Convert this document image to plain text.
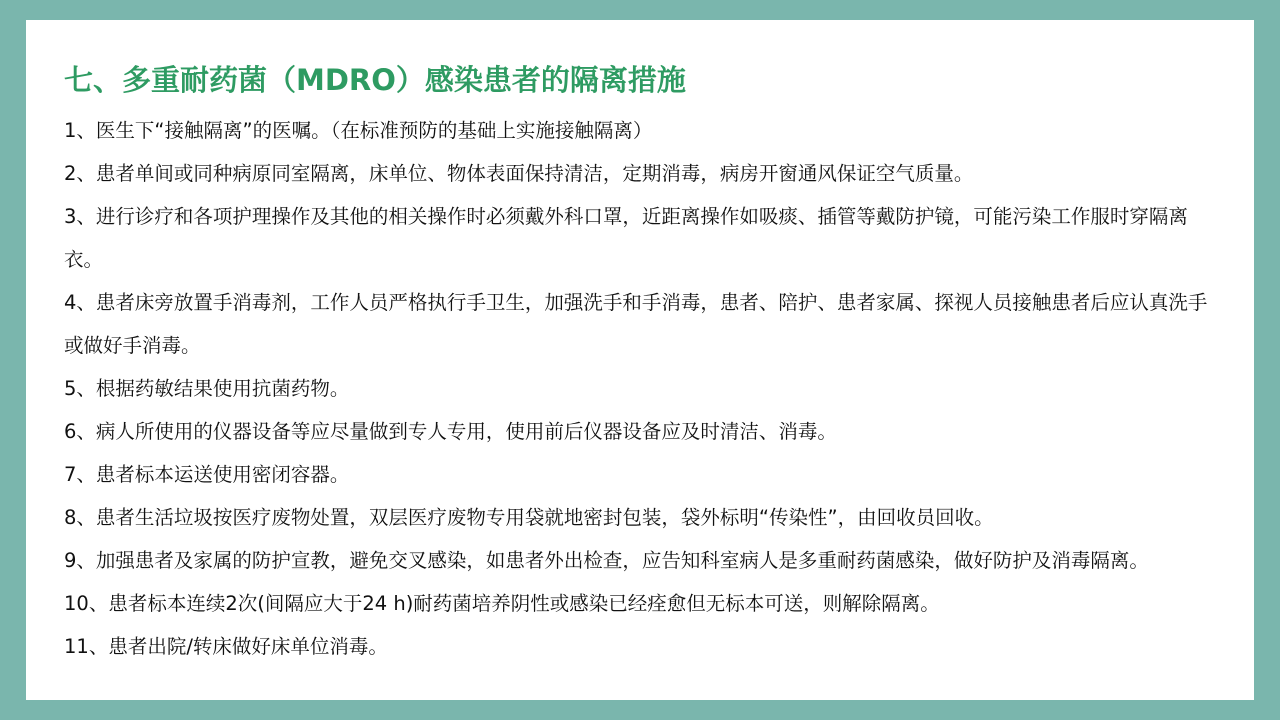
七、多重耐药菌（MDRO）感染患者的隔离措施
1、医生下“接触隔离”的医嘱。（在标准预防的基础上实施接触隔离）
2、患者单间或同种病原同室隔离，床单位、物体表面保持清洁，定期消毒，病房开窗通风保证空气质量。
3、进行诊疗和各项护理操作及其他的相关操作时必须戴外科口罩，近距离操作如吸痰、插管等戴防护镜，可能污染工作服时穿隔离衣。
4、患者床旁放置手消毒剂，工作人员严格执行手卫生，加强洗手和手消毒，患者、陪护、患者家属、探视人员接触患者后应认真洗手或做好手消毒。
5、根据药敏结果使用抗菌药物。
6、病人所使用的仪器设备等应尽量做到专人专用，使用前后仪器设备应及时清洁、消毒。
7、患者标本运送使用密闭容器。
8、患者生活垃圾按医疗废物处置，双层医疗废物专用袋就地密封包装，袋外标明“传染性”，由回收员回收。
9、加强患者及家属的防护宣教，避免交叉感染，如患者外出检查，应告知科室病人是多重耐药菌感染，做好防护及消毒隔离。
10、患者标本连续2次(间隔应大于24 h)耐药菌培养阴性或感染已经痊愈但无标本可送，则解除隔离。
11、患者出院/转床做好床单位消毒。
